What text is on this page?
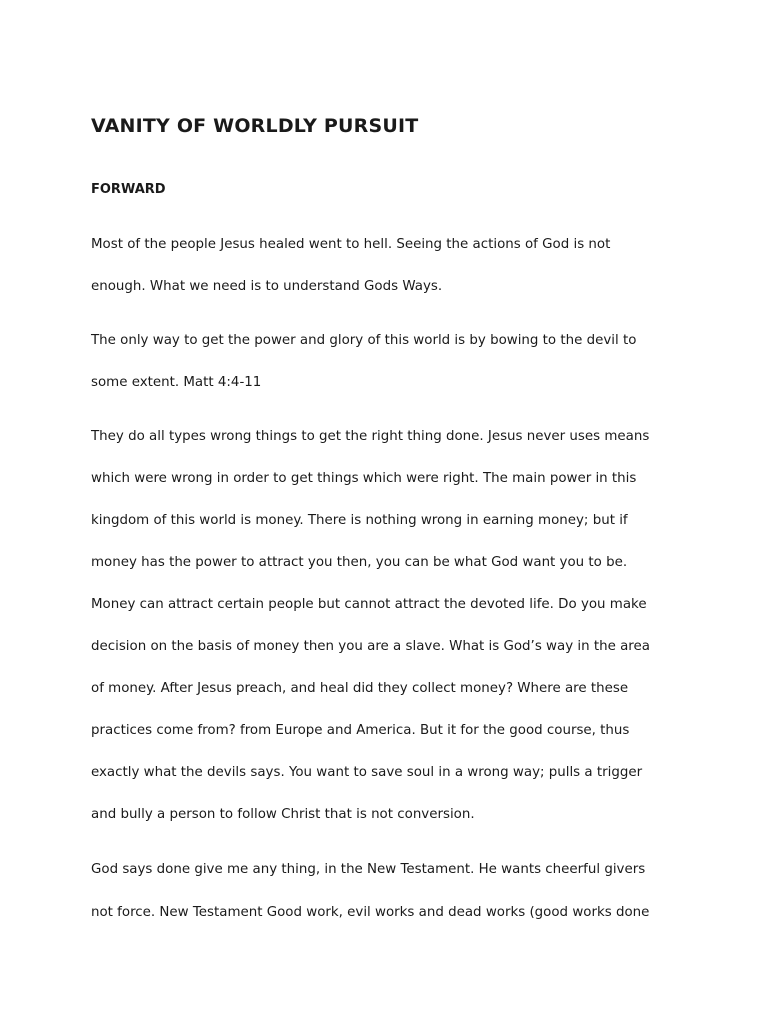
VANITY OF WORLDLY PURSUIT
FORWARD

Most of the people Jesus healed went to hell. Seeing the actions of God is not

enough. What we need is to understand Gods Ways.

The only way to get the power and glory of this world is by bowing to the devil to

some extent. Matt 4:4-11

They do all types wrong things to get the right thing done. Jesus never uses means

which were wrong in order to get things which were right. The main power in this

kingdom of this world is money. There is nothing wrong in earning money; but if

money has the power to attract you then, you can be what God want you to be.

Money can attract certain people but cannot attract the devoted life. Do you make

decision on the basis of money then you are a slave. What is God’s way in the area

of money. After Jesus preach, and heal did they collect money? Where are these

practices come from? from Europe and America. But it for the good course, thus

exactly what the devils says. You want to save soul in a wrong way; pulls a trigger

and bully a person to follow Christ that is not conversion.

God says done give me any thing, in the New Testament. He wants cheerful givers

not force. New Testament Good work, evil works and dead works (good works done
